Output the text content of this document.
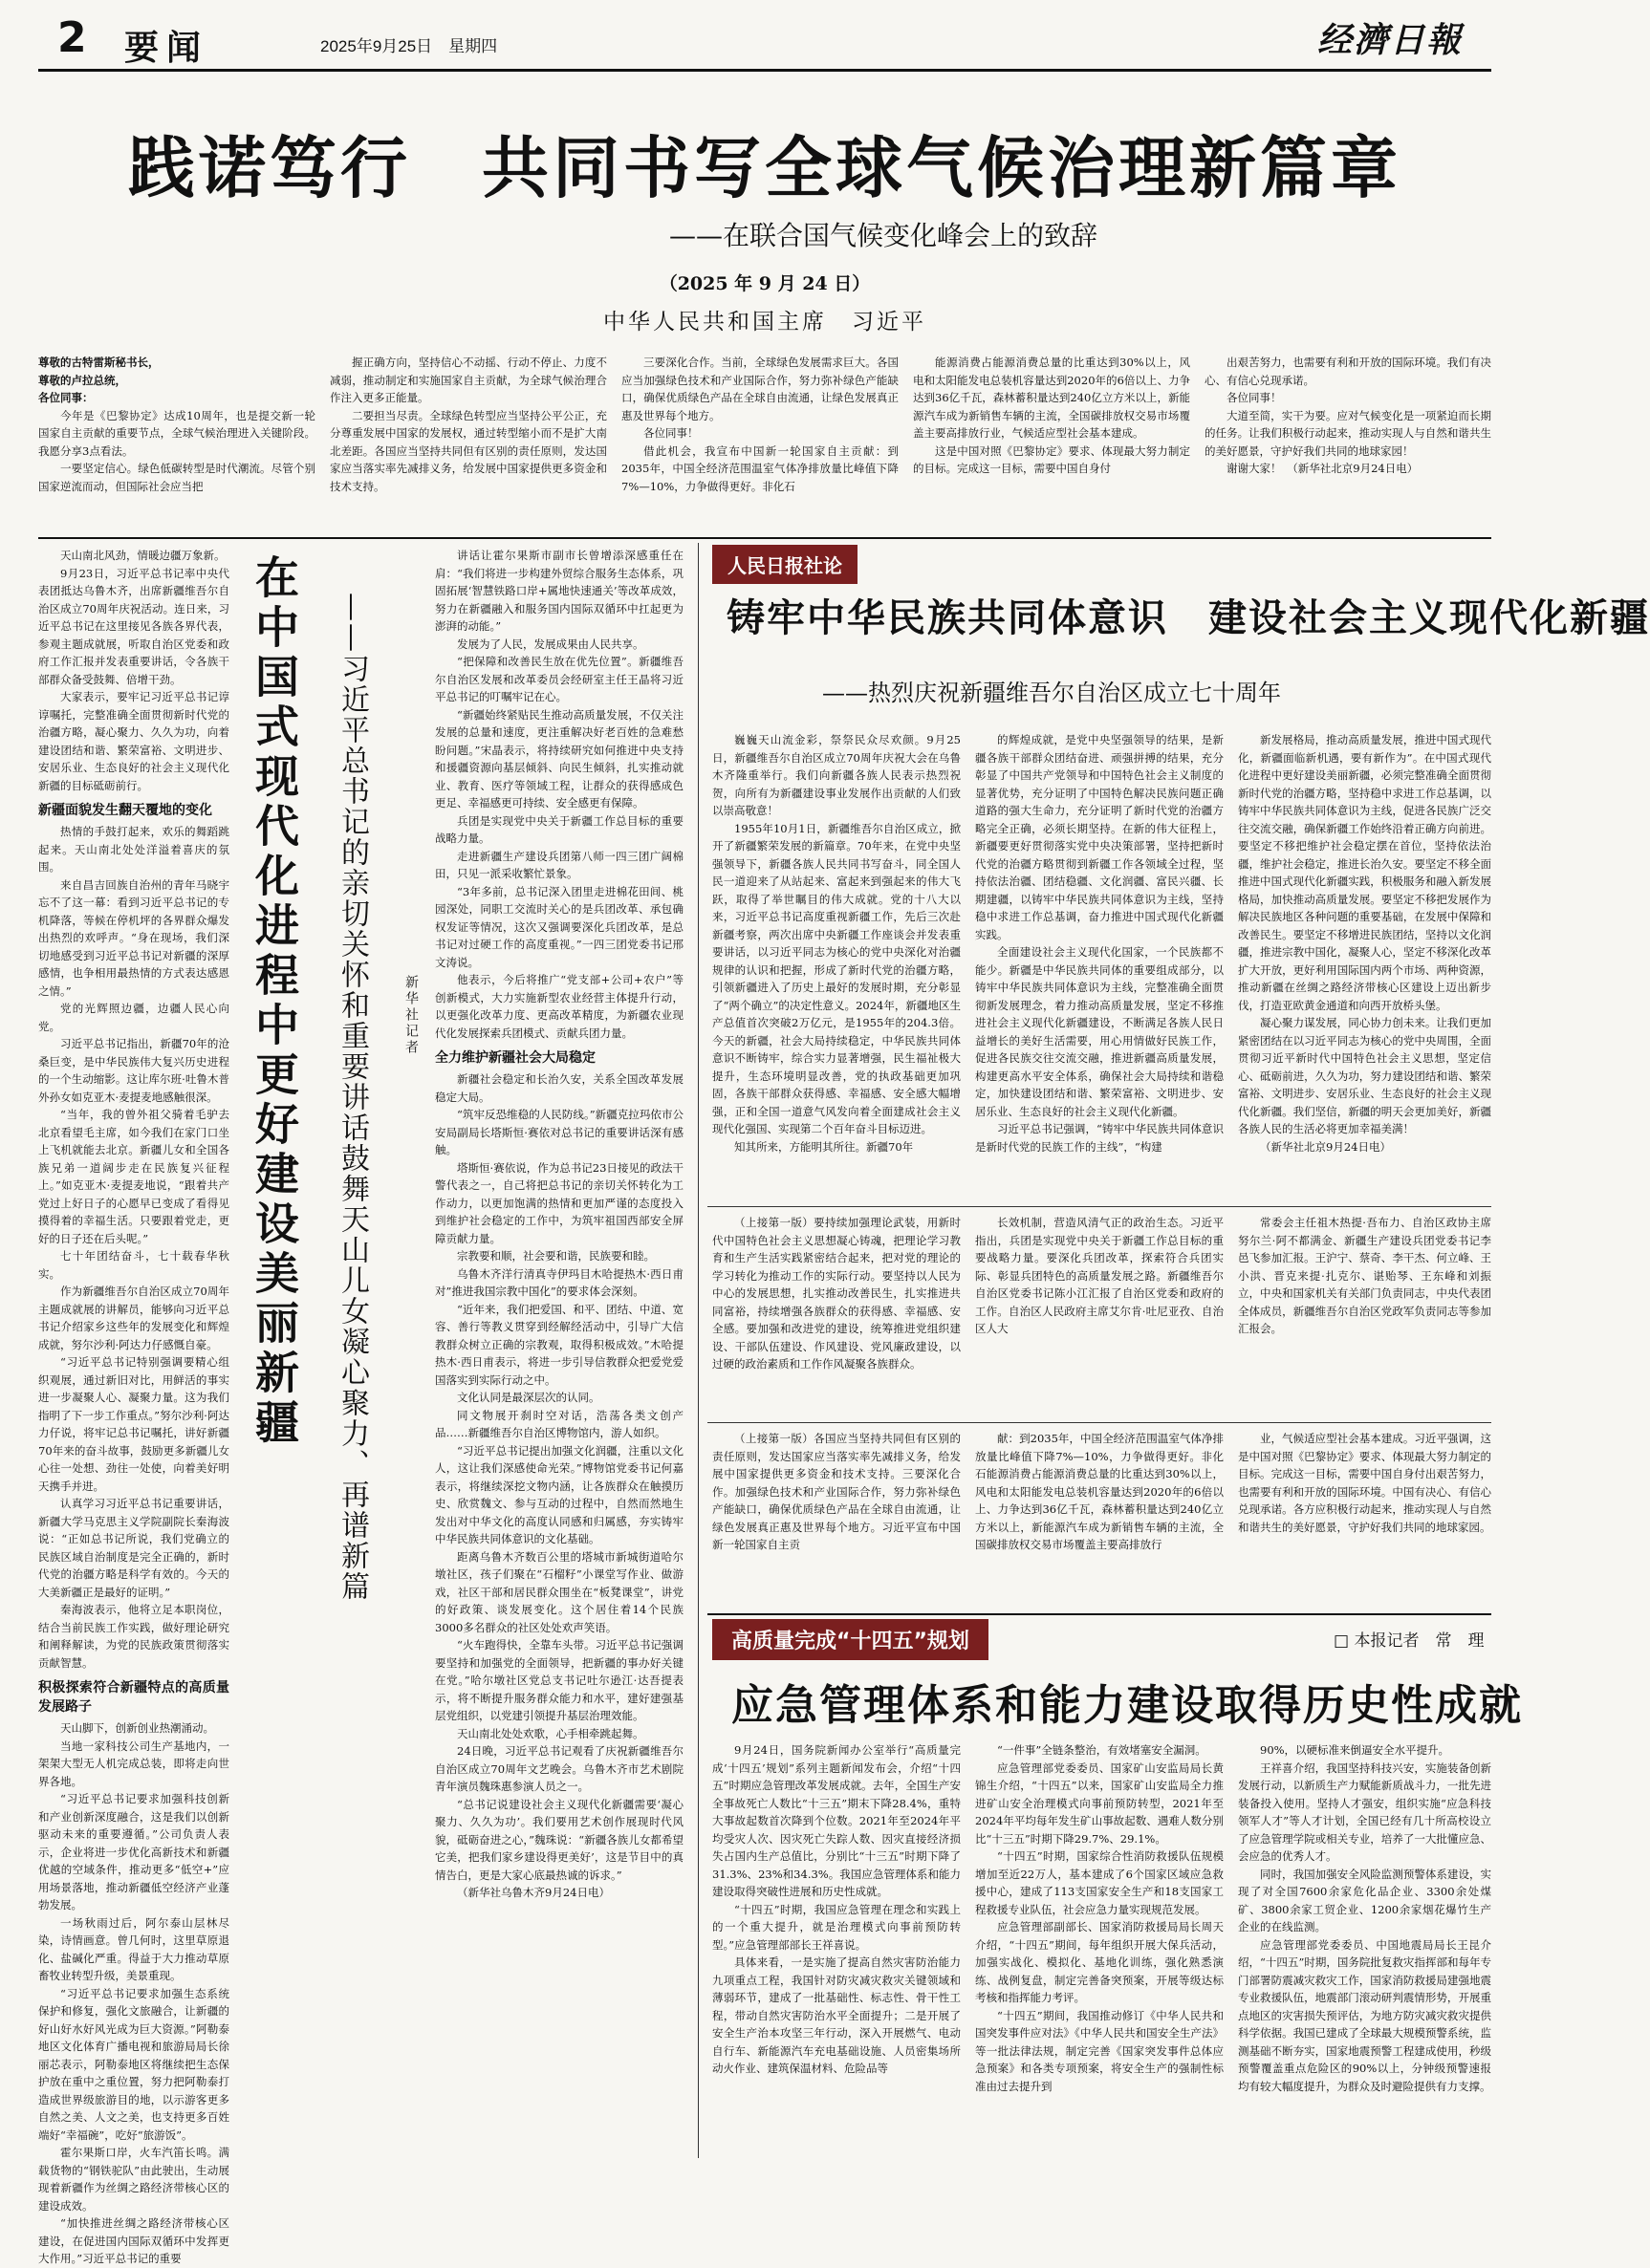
2 要闻	2025年9月25日　星期四	经濟日報
践诺笃行　共同书写全球气候治理新篇章
——在联合国气候变化峰会上的致辞
（2025 年 9 月 24 日）
中华人民共和国主席　习近平

尊敬的古特雷斯秘书长，

尊敬的卢拉总统，

各位同事：

今年是《巴黎协定》达成10周年，也是提交新一轮国家自主贡献的重要节点，全球气候治理进入关键阶段。我愿分享3点看法。

一要坚定信心。绿色低碳转型是时代潮流。尽管个别国家逆流而动，但国际社会应当把

握正确方向，坚持信心不动摇、行动不停止、力度不减弱，推动制定和实施国家自主贡献，为全球气候治理合作注入更多正能量。

二要担当尽责。全球绿色转型应当坚持公平公正，充分尊重发展中国家的发展权，通过转型缩小而不是扩大南北差距。各国应当坚持共同但有区别的责任原则，发达国家应当落实率先减排义务，给发展中国家提供更多资金和技术支持。

三要深化合作。当前，全球绿色发展需求巨大。各国应当加强绿色技术和产业国际合作，努力弥补绿色产能缺口，确保优质绿色产品在全球自由流通，让绿色发展真正惠及世界每个地方。

各位同事！

借此机会，我宣布中国新一轮国家自主贡献：到2035年，中国全经济范围温室气体净排放量比峰值下降7%—10%，力争做得更好。非化石

能源消费占能源消费总量的比重达到30%以上，风电和太阳能发电总装机容量达到2020年的6倍以上、力争达到36亿千瓦，森林蓄积量达到240亿立方米以上，新能源汽车成为新销售车辆的主流，全国碳排放权交易市场覆盖主要高排放行业，气候适应型社会基本建成。

这是中国对照《巴黎协定》要求、体现最大努力制定的目标。完成这一目标，需要中国自身付

出艰苦努力，也需要有利和开放的国际环境。我们有决心、有信心兑现承诺。

各位同事！

大道至简，实干为要。应对气候变化是一项紧迫而长期的任务。让我们积极行动起来，推动实现人与自然和谐共生的美好愿景，守护好我们共同的地球家园！

谢谢大家！　（新华社北京9月24日电）

天山南北风劲，情暖边疆万象新。

9月23日，习近平总书记率中央代表团抵达乌鲁木齐，出席新疆维吾尔自治区成立70周年庆祝活动。连日来，习近平总书记在这里接见各族各界代表，参观主题成就展，听取自治区党委和政府工作汇报并发表重要讲话，令各族干部群众备受鼓舞、倍增干劲。

大家表示，要牢记习近平总书记谆谆嘱托，完整准确全面贯彻新时代党的治疆方略，凝心聚力、久久为功，向着建设团结和谐、繁荣富裕、文明进步、安居乐业、生态良好的社会主义现代化新疆的目标砥砺前行。

新疆面貌发生翻天覆地的变化

热情的手鼓打起来，欢乐的舞蹈跳起来。天山南北处处洋溢着喜庆的氛围。

来自昌吉回族自治州的青年马晓宇忘不了这一幕：看到习近平总书记的专机降落，等候在停机坪的各界群众爆发出热烈的欢呼声。“身在现场，我们深切地感受到习近平总书记对新疆的深厚感情，也争相用最热情的方式表达感恩之情。”

党的光辉照边疆，边疆人民心向党。

习近平总书记指出，新疆70年的沧桑巨变，是中华民族伟大复兴历史进程的一个生动缩影。这让库尔班·吐鲁木普外孙女如克亚木·麦提麦地感触很深。

“当年，我的曾外祖父骑着毛驴去北京看望毛主席，如今我们在家门口坐上飞机就能去北京。新疆儿女和全国各族兄弟一道阔步走在民族复兴征程上。”如克亚木·麦提麦地说，“跟着共产党过上好日子的心愿早已变成了看得见摸得着的幸福生活。只要跟着党走，更好的日子还在后头呢。”

七十年团结奋斗，七十载春华秋实。

作为新疆维吾尔自治区成立70周年主题成就展的讲解员，能够向习近平总书记介绍家乡这些年的发展变化和辉煌成就，努尔沙利·阿达力仔感慨自豪。

“习近平总书记特别强调要精心组织观展，通过新旧对比，用鲜活的事实进一步凝聚人心、凝聚力量。这为我们指明了下一步工作重点。”努尔沙利·阿达力仔说，将牢记总书记嘱托，讲好新疆70年来的奋斗故事，鼓励更多新疆儿女心往一处想、劲往一处使，向着美好明天携手并进。

认真学习习近平总书记重要讲话，新疆大学马克思主义学院副院长秦海波说：“正如总书记所说，我们党确立的民族区域自治制度是完全正确的，新时代党的治疆方略是科学有效的。今天的大美新疆正是最好的证明。”

秦海波表示，他将立足本职岗位，结合当前民族工作实践，做好理论研究和阐释解读，为党的民族政策贯彻落实贡献智慧。

积极探索符合新疆特点的高质量发展路子

天山脚下，创新创业热潮涌动。

当地一家科技公司生产基地内，一架架大型无人机完成总装，即将走向世界各地。

“习近平总书记要求加强科技创新和产业创新深度融合，这是我们以创新驱动未来的重要遵循。”公司负责人表示，企业将进一步优化高新技术和新疆优越的空域条件，推动更多“低空+”应用场景落地，推动新疆低空经济产业蓬勃发展。

一场秋雨过后，阿尔泰山层林尽染，诗情画意。曾几何时，这里草原退化、盐碱化严重。得益于大力推动草原畜牧业转型升级，美景重现。

“习近平总书记要求加强生态系统保护和修复，强化文旅融合，让新疆的好山好水好风光成为巨大资源。”阿勒泰地区文化体育广播电视和旅游局局长徐丽芯表示，阿勒泰地区将继续把生态保护放在重中之重位置，努力把阿勒泰打造成世界级旅游目的地，以示游客更多自然之美、人文之美，也支持更多百姓端好“幸福碗”，吃好“旅游饭”。

霍尔果斯口岸，火车汽笛长鸣。满载货物的“钢铁驼队”由此驶出，生动展现着新疆作为丝绸之路经济带核心区的建设成效。

“加快推进丝绸之路经济带核心区建设，在促进国内国际双循环中发挥更大作用。”习近平总书记的重要

在中国式现代化进程中更好建设美丽新疆 ——习近平总书记的亲切关怀和重要讲话鼓舞天山儿女凝心聚力、再谱新篇	新华社记者

讲话让霍尔果斯市副市长曾增添深感重任在肩：“我们将进一步构建外贸综合服务生态体系，巩固拓展‘智慧铁路口岸+属地快速通关’等改革成效，努力在新疆融入和服务国内国际双循环中扛起更为澎湃的动能。”

发展为了人民，发展成果由人民共享。

“把保障和改善民生放在优先位置”。新疆维吾尔自治区发展和改革委员会经研室主任王晶将习近平总书记的叮嘱牢记在心。

“新疆始终紧贴民生推动高质量发展，不仅关注发展的总量和速度，更注重解决好老百姓的急难愁盼问题。”宋晶表示，将持续研究如何推进中央支持和援疆资源向基层倾斜、向民生倾斜，扎实推动就业、教育、医疗等领域工程，让群众的获得感成色更足、幸福感更可持续、安全感更有保障。

兵团是实现党中央关于新疆工作总目标的重要战略力量。

走进新疆生产建设兵团第八师一四三团广阔棉田，只见一派采收繁忙景象。

“3年多前，总书记深入团里走进棉花田间、桃园深处，同职工交流时关心的是兵团改革、承包确权发证等情况，这次又强调要深化兵团改革，是总书记对过硬工作的高度重视。”一四三团党委书记邢文涛说。

他表示，今后将推广“党支部+公司+农户”等创新模式，大力实施新型农业经营主体提升行动，以更强化改革力度、更高改革精度，为新疆农业现代化发展探索兵团模式、贡献兵团力量。

全力维护新疆社会大局稳定

新疆社会稳定和长治久安，关系全国改革发展稳定大局。

“筑牢反恐维稳的人民防线。”新疆克拉玛依市公安局副局长塔斯恒·赛依对总书记的重要讲话深有感触。

塔斯恒·赛依说，作为总书记23日接见的政法干警代表之一，自己将把总书记的亲切关怀转化为工作动力，以更加饱满的热情和更加严谨的态度投入到维护社会稳定的工作中，为筑牢祖国西部安全屏障贡献力量。

宗教要和顺，社会要和谐，民族要和睦。

乌鲁木齐洋行清真寺伊玛目木哈提热木·西日甫对”推进我国宗教中国化”的要求体会深刻。

“近年来，我们把爱国、和平、团结、中道、宽容、善行等教义贯穿到经解经活动中，引导广大信教群众树立正确的宗教观，取得积极成效。”木哈提热木·西日甫表示，将进一步引导信教群众把爱党爱国落实到实际行动之中。

文化认同是最深层次的认同。

同文物展开刹时空对话，浩荡各类文创产品……新疆维吾尔自治区博物馆内，游人如织。

“习近平总书记提出加强文化润疆，注重以文化人，这让我们深感使命光荣。”博物馆党委书记何嘉表示，将继续深挖文物内涵，让各族群众在触摸历史、欣赏魏文、参与互动的过程中，自然而然地生发出对中华文化的高度认同感和归属感，夯实铸牢中华民族共同体意识的文化基础。

距离乌鲁木齐数百公里的塔城市新城街道哈尔墩社区，孩子们聚在“石榴籽”小课堂写作业、做游戏，社区干部和居民群众围坐在“板凳课堂”，讲党的好政策、谈发展变化。这个居住着14个民族3000多名群众的社区处处欢声笑语。

“火车跑得快，全靠车头带。习近平总书记强调要坚持和加强党的全面领导，把新疆的事办好关键在党。”哈尔墩社区党总支书记吐尔逊江·达吾提表示，将不断提升服务群众能力和水平，建好建强基层党组织，以党建引领提升基层治理效能。

天山南北处处欢歌，心手相牵跳起舞。

24日晚，习近平总书记观看了庆祝新疆维吾尔自治区成立70周年文艺晚会。乌鲁木齐市艺术剧院青年演员魏珠惠参演人员之一。

“总书记说建设社会主义现代化新疆需要‘凝心聚力、久久为功’。我们要用艺术创作展现时代风貌，砥砺奋进之心，”魏珠说：“新疆各族儿女都希望它美，把我们家乡建设得更美好’，这是节目中的真情告白，更是大家心底最热诚的诉求。”

（新华社乌鲁木齐9月24日电）

人民日报社论
铸牢中华民族共同体意识　建设社会主义现代化新疆
——热烈庆祝新疆维吾尔自治区成立七十周年

巍巍天山流金彩，祭祭民众尽欢颜。9月25日，新疆维吾尔自治区成立70周年庆祝大会在乌鲁木齐隆重举行。我们向新疆各族人民表示热烈祝贺，向所有为新疆建设事业发展作出贡献的人们致以崇高敬意！

1955年10月1日，新疆维吾尔自治区成立，掀开了新疆繁荣发展的新篇章。70年来，在党中央坚强领导下，新疆各族人民共同书写奋斗，同全国人民一道迎来了从站起来、富起来到强起来的伟大飞跃，取得了举世瞩目的伟大成就。党的十八大以来，习近平总书记高度重视新疆工作，先后三次赴新疆考察，两次出席中央新疆工作座谈会并发表重要讲话，以习近平同志为核心的党中央深化对治疆规律的认识和把握，形成了新时代党的治疆方略，引领新疆进入了历史上最好的发展时期，充分彰显了“两个确立”的决定性意义。2024年，新疆地区生产总值首次突破2万亿元，是1955年的204.3倍。今天的新疆，社会大局持续稳定，中华民族共同体意识不断铸牢，综合实力显著增强，民生福祉极大提升，生态环境明显改善，党的执政基础更加巩固，各族干部群众获得感、幸福感、安全感大幅增强，正和全国一道意气风发向着全面建成社会主义现代化强国、实现第二个百年奋斗目标迈进。

知其所来，方能明其所往。新疆70年

的辉煌成就，是党中央坚强领导的结果，是新疆各族干部群众团结奋进、顽强拼搏的结果，充分彰显了中国共产党领导和中国特色社会主义制度的显著优势，充分证明了中国特色解决民族问题正确道路的强大生命力，充分证明了新时代党的治疆方略完全正确，必须长期坚持。在新的伟大征程上，新疆要更好贯彻落实党中央决策部署，坚持把新时代党的治疆方略贯彻到新疆工作各领域全过程，坚持依法治疆、团结稳疆、文化润疆、富民兴疆、长期建疆，以铸牢中华民族共同体意识为主线，坚持稳中求进工作总基调，奋力推进中国式现代化新疆实践。

全面建设社会主义现代化国家，一个民族都不能少。新疆是中华民族共同体的重要组成部分，以铸牢中华民族共同体意识为主线，完整准确全面贯彻新发展理念，着力推动高质量发展，坚定不移推进社会主义现代化新疆建设，不断满足各族人民日益增长的美好生活需要，用心用情做好民族工作，促进各民族交往交流交融，推进新疆高质量发展，构建更高水平安全体系，确保社会大局持续和谐稳定，加快建设团结和谐、繁荣富裕、文明进步、安居乐业、生态良好的社会主义现代化新疆。

习近平总书记强调，“铸牢中华民族共同体意识是新时代党的民族工作的主线”，“构建

新发展格局，推动高质量发展，推进中国式现代化，新疆面临新机遇，要有新作为”。在中国式现代化进程中更好建设美丽新疆，必须完整准确全面贯彻新时代党的治疆方略，坚持稳中求进工作总基调，以铸牢中华民族共同体意识为主线，促进各民族广泛交往交流交融，确保新疆工作始终沿着正确方向前进。要坚定不移把维护社会稳定摆在首位，坚持依法治疆，维护社会稳定，推进长治久安。要坚定不移全面推进中国式现代化新疆实践，积极服务和融入新发展格局，加快推动高质量发展。要坚定不移把发展作为解决民族地区各种问题的重要基础，在发展中保障和改善民生。要坚定不移增进民族团结，坚持以文化润疆，推进宗教中国化，凝聚人心，坚定不移深化改革扩大开放，更好利用国际国内两个市场、两种资源，推动新疆在丝绸之路经济带核心区建设上迈出新步伐，打造亚欧黄金通道和向西开放桥头堡。

凝心聚力谋发展，同心协力创未来。让我们更加紧密团结在以习近平同志为核心的党中央周围，全面贯彻习近平新时代中国特色社会主义思想，坚定信心、砥砺前进，久久为功，努力建设团结和谐、繁荣富裕、文明进步、安居乐业、生态良好的社会主义现代化新疆。我们坚信，新疆的明天会更加美好，新疆各族人民的生活必将更加幸福美满！

（新华社北京9月24日电）

（上接第一版）要持续加强理论武装，用新时代中国特色社会主义思想凝心铸魂，把理论学习教育和生产生活实践紧密结合起来，把对党的理论的学习转化为推动工作的实际行动。要坚持以人民为中心的发展思想，扎实推动改善民生，扎实推进共同富裕，持续增强各族群众的获得感、幸福感、安全感。要加强和改进党的建设，统筹推进党组织建设、干部队伍建设、作风建设、党风廉政建设，以过硬的政治素质和工作作风凝聚各族群众。

长效机制，营造风清气正的政治生态。习近平指出，兵团是实现党中央关于新疆工作总目标的重要战略力量。要深化兵团改革，探索符合兵团实际、彰显兵团特色的高质量发展之路。新疆维吾尔自治区党委书记陈小江汇报了自治区党委和政府的工作。自治区人民政府主席艾尔肯·吐尼亚孜、自治区人大

常委会主任祖木热提·吾布力、自治区政协主席努尔兰·阿不都满金、新疆生产建设兵团党委书记李邑飞参加汇报。王沪宁、蔡奇、李干杰、何立峰、王小洪、晋克来提·扎克尔、谌贻琴、王东峰和刘振立，中央和国家机关有关部门负责同志，中央代表团全体成员，新疆维吾尔自治区党政军负责同志等参加汇报会。

（上接第一版）各国应当坚持共同但有区别的责任原则，发达国家应当落实率先减排义务，给发展中国家提供更多资金和技术支持。三要深化合作。加强绿色技术和产业国际合作，努力弥补绿色产能缺口，确保优质绿色产品在全球自由流通，让绿色发展真正惠及世界每个地方。习近平宣布中国新一轮国家自主贡

献：到2035年，中国全经济范围温室气体净排放量比峰值下降7%—10%，力争做得更好。非化石能源消费占能源消费总量的比重达到30%以上，风电和太阳能发电总装机容量达到2020年的6倍以上、力争达到36亿千瓦，森林蓄积量达到240亿立方米以上，新能源汽车成为新销售车辆的主流，全国碳排放权交易市场覆盖主要高排放行

业，气候适应型社会基本建成。习近平强调，这是中国对照《巴黎协定》要求、体现最大努力制定的目标。完成这一目标，需要中国自身付出艰苦努力，也需要有利和开放的国际环境。中国有决心、有信心兑现承诺。各方应积极行动起来，推动实现人与自然和谐共生的美好愿景，守护好我们共同的地球家园。

高质量完成“十四五”规划	□ 本报记者　常　理
应急管理体系和能力建设取得历史性成就

9月24日，国务院新闻办公室举行“高质量完成‘十四五’规划”系列主题新闻发布会，介绍“十四五”时期应急管理改革发展成就。去年，全国生产安全事故死亡人数比“十三五”期末下降28.4%，重特大事故起数首次降到个位数。2021年至2024年平均受灾人次、因灾死亡失踪人数、因灾直接经济损失占国内生产总值比，分别比“十三五”时期下降了31.3%、23%和34.3%。我国应急管理体系和能力建设取得突破性进展和历史性成就。

“十四五”时期，我国应急管理在理念和实践上的一个重大提升，就是治理模式向事前预防转型。”应急管理部部长王祥喜说。

具体来看，一是实施了提高自然灾害防治能力九项重点工程，我国针对防灾减灾救灾关键领域和薄弱环节，建成了一批基础性、标志性、骨干性工程，带动自然灾害防治水平全面提升；二是开展了安全生产治本攻坚三年行动，深入开展燃气、电动自行车、新能源汽车充电基础设施、人员密集场所动火作业、建筑保温材料、危险品等

“一件事”全链条整治，有效堵塞安全漏洞。

应急管理部党委委员、国家矿山安监局局长黄锦生介绍，“十四五”以来，国家矿山安监局全力推进矿山安全治理模式向事前预防转型，2021年至2024年平均每年发生矿山事故起数、遇难人数分别比“十三五”时期下降29.7%、29.1%。

“十四五”时期，国家综合性消防救援队伍规模增加至近22万人，基本建成了6个国家区域应急救援中心，建成了113支国家安全生产和18支国家工程救援专业队伍，社会应急力量实现规范发展。

应急管理部副部长、国家消防救援局局长周天介绍，“十四五”期间，每年组织开展大保兵活动，加强实战化、模拟化、基地化训练，强化熟悉演练、战例复盘，制定完善备突预案，开展等级达标考核和指挥能力考评。

“十四五”期间，我国推动修订《中华人民共和国突发事件应对法》《中华人民共和国安全生产法》等一批法律法规，制定完善《国家突发事件总体应急预案》和各类专项预案，将安全生产的强制性标准由过去提升到

90%，以硬标准来倒逼安全水平提升。

王祥喜介绍，我国坚持科技兴安，实施装备创新发展行动，以新质生产力赋能新质战斗力，一批先进装备投入使用。坚持人才强安，组织实施“应急科技领军人才”等人才计划，全国已经有几十所高校设立了应急管理学院或相关专业，培养了一大批懂应急、会应急的优秀人才。

同时，我国加强安全风险监测预警体系建设，实现了对全国7600余家危化品企业、3300余处煤矿、3800余家工贸企业、1200余家烟花爆竹生产企业的在线监测。

应急管理部党委委员、中国地震局局长王昆介绍，“十四五”时期，国务院批复救灾指挥部和每年专门部署防震减灾救灾工作，国家消防救援局建强地震专业救援队伍，地震部门滚动研判震情形势，开展重点地区的灾害损失预评估，为地方防灾减灾救灾提供科学依据。我国已建成了全球最大规模预警系统，监测基础不断夯实，国家地震预警工程建成使用，秒级预警覆盖重点危险区的90%以上，分钟级预警速报均有较大幅度提升，为群众及时避险提供有力支撑。
